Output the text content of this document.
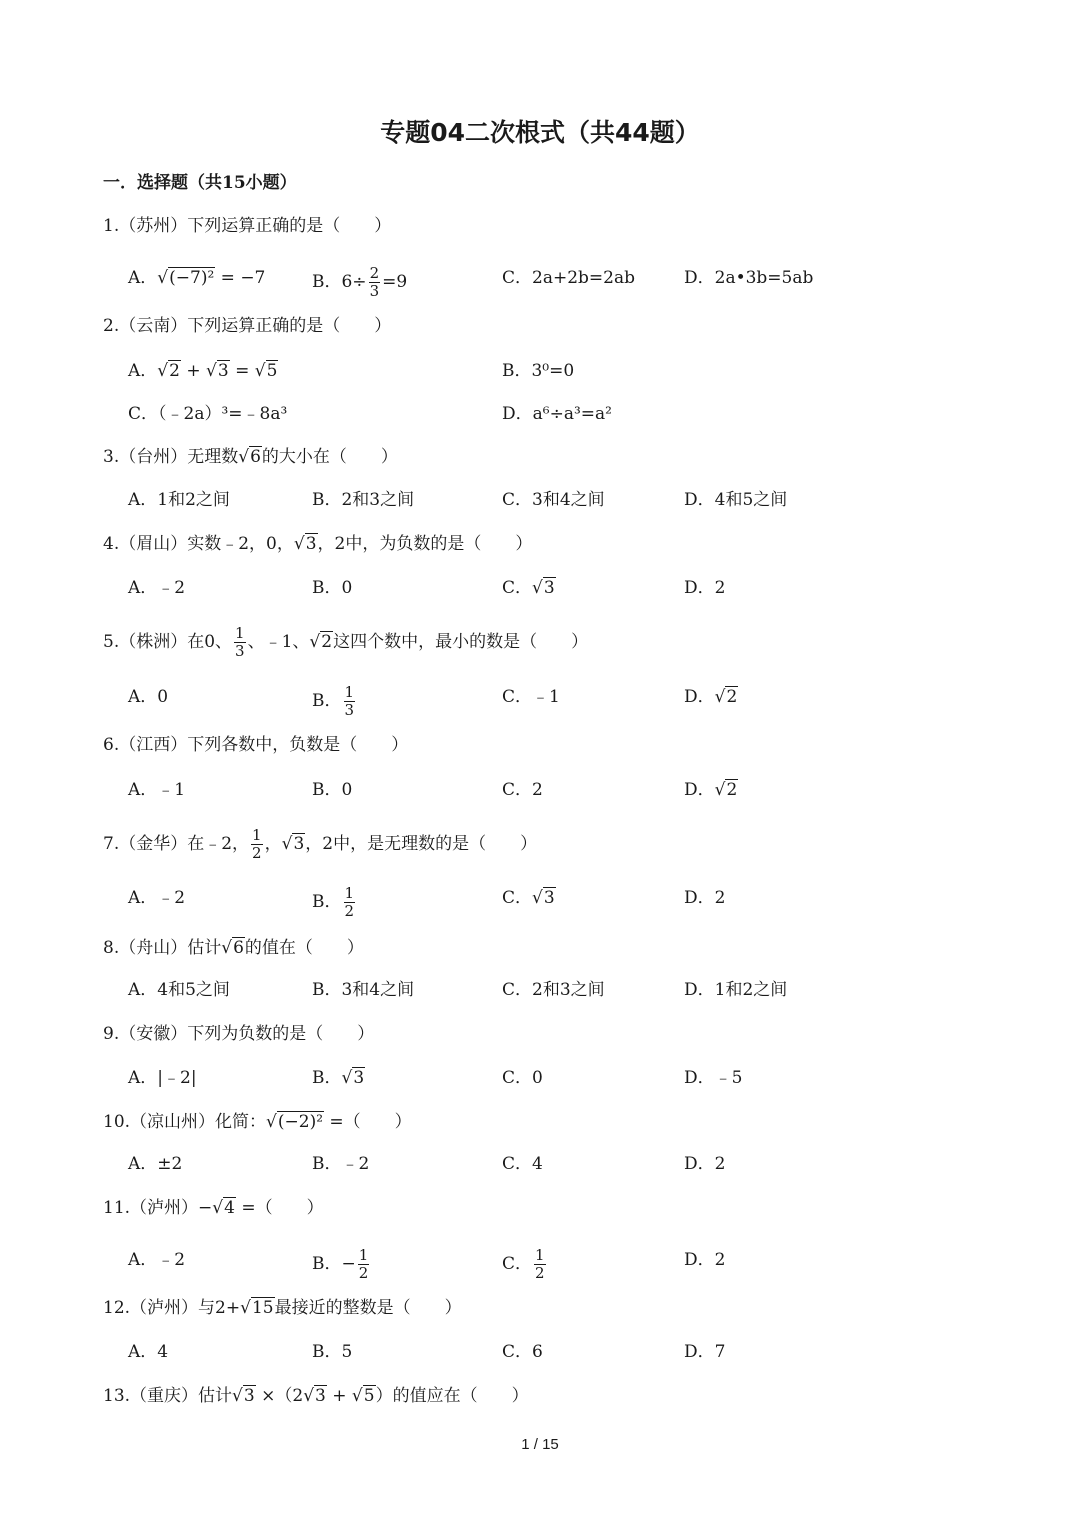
专题04二次根式（共44题）
一．选择题（共15小题）
1.（苏州）下列运算正确的是（　　）
A．√(−7)² = −7	B．$6\div \frac{2}{3} =9$	C．2a+2b=2ab	D．2a•3b=5ab
2.（云南）下列运算正确的是（　　）
A．√2 + √3 = √5	B．3⁰=0
C．（﹣2a）³=﹣8a³	D．a⁶÷a³=a²
3.（台州）无理数√6的大小在（　　）
A．1和2之间	B．2和3之间	C．3和4之间	D．4和5之间
4.（眉山）实数﹣2，0，√3，2中，为负数的是（　　）
A．﹣2	B．0	C．√3	D．2
5.（株洲）在0、 $\frac{1}{3}$ 、﹣1、√2这四个数中，最小的数是（　　）
A．0	B． $\frac{1}{3}$	C．﹣1	D．√2
6.（江西）下列各数中，负数是（　　）
A．﹣1	B．0	C．2	D．√2
7.（金华）在﹣2， $\frac{1}{2}$ ，√3，2中，是无理数的是（　　）
A．﹣2	B． $\frac{1}{2}$	C．√3	D．2
8.（舟山）估计√6的值在（　　）
A．4和5之间	B．3和4之间	C．2和3之间	D．1和2之间
9.（安徽）下列为负数的是（　　）
A．|﹣2|	B．√3	C．0	D．﹣5
10.（凉山州）化简：√(−2)² =（　　）
A．±2	B．﹣2	C．4	D．2
11.（泸州）−√4 =（　　）
A．﹣2	B．− $\frac{1}{2}$	C． $\frac{1}{2}$	D．2
12.（泸州）与2+√15最接近的整数是（　　）
A．4	B．5	C．6	D．7
13.（重庆）估计√3 ×（2√3 + √5）的值应在（　　）
1 / 15
